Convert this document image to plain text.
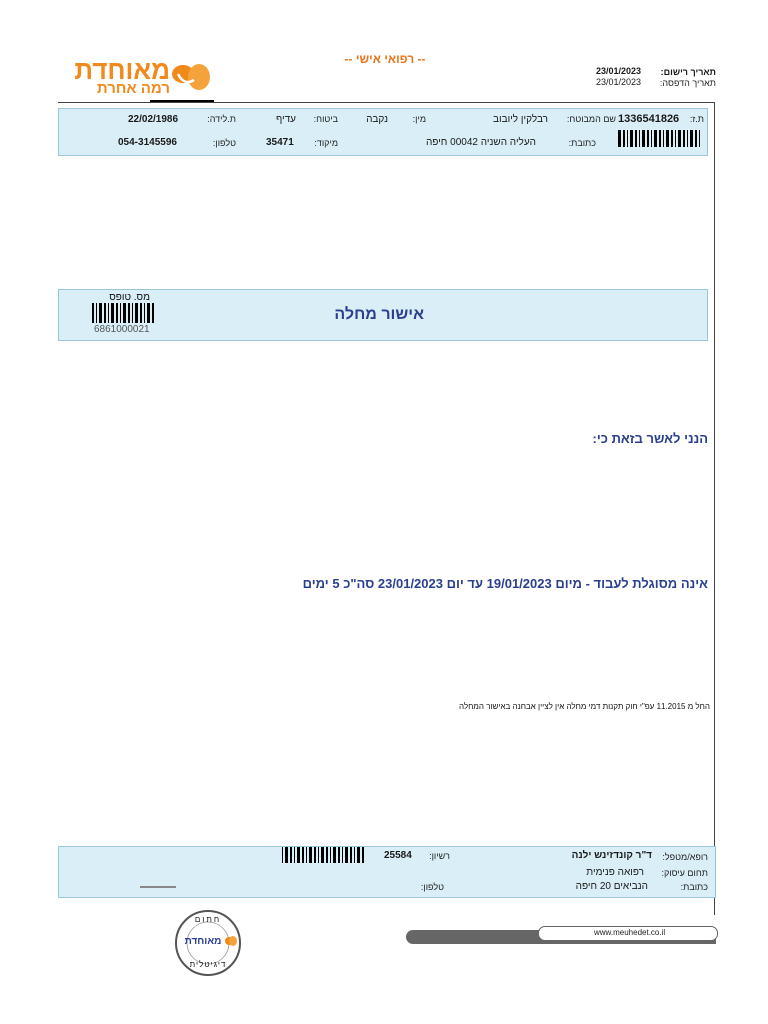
מאוחדת
רמה אחרת
-- רפואי אישי --
תאריך רישום:
23/01/2023
תאריך הדפסה:
23/01/2023
ת.ז:
1336541826
שם המבוטח:
רבלקין ליובוב
מין:
נקבה
ביטוח:
עדיף
ת.לידה:
22/02/1986
כתובת:
העליה השניה 00042 חיפה
מיקוד:
35471
טלפון:
054-3145596
אישור מחלה
מס. טופס
6861000021
הנני לאשר בזאת כי:
אינה מסוגלת לעבוד - מיום 19/01/2023 עד יום 23/01/2023 סה"כ 5 ימים
החל מ 11.2015 עפ"י חוק תקנות דמי מחלה אין לציין אבחנה באישור המחלה
רופא/מטפל:
ד"ר קונדזינש ילנה
רשיון:
25584
תחום עיסוק:
רפואה פנימית
כתובת:
הנביאים 20 חיפה
טלפון:
חתום
מאוחדת
דיגיטלית
www.meuhedet.co.il
